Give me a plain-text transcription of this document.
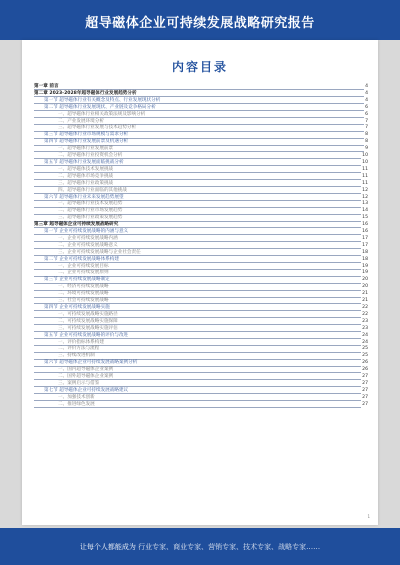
超导磁体企业可持续发展战略研究报告
内容目录
第一章 前言	4
第二章 2023-2028年超导磁体行业发展趋势分析	4
第一节 超导磁体行业有关概念及特点、行业发展现状分析	4
第二节 超导磁体行业发展现状、产业链及竞争格局分析	6
一、超导磁体行业相关政策法规及影响分析	6
二、产业发展环境分析	7
三、超导磁体行业发展与技术趋势分析	7
第三节 超导磁体行业市场规模与需求分析	8
第四节 超导磁体行业发展前景及机遇分析	8
一、超导磁体行业发展前景	9
二、超导磁体行业投资机会分析	10
第五节 超导磁体行业发展面临挑战分析	10
一、超导磁体技术发展挑战	11
二、超导磁体市场竞争挑战	11
三、超导磁体行业政策挑战	11
四、超导磁体行业面临的其他挑战	12
第六节 超导磁体行业未来发展趋势展望	12
一、超导磁体行业技术发展趋势	13
二、超导磁体行业市场发展趋势	14
三、超导磁体行业政策发展趋势	15
第三章 超导磁体企业可持续发展战略研究	16
第一节 企业可持续发展战略的内涵与意义	16
一、企业可持续发展战略内涵	17
二、企业可持续发展战略意义	17
三、企业可持续发展战略与企业社会责任	18
第二节 企业可持续发展战略体系构建	18
一、企业可持续发展目标	19
二、企业可持续发展原则	19
第三节 企业可持续发展战略制定	20
一、经济可持续发展战略	20
二、环境可持续发展战略	21
三、社会可持续发展战略	21
第四节 企业可持续发展战略实施	22
一、可持续发展战略实施路径	22
二、可持续发展战略实施保障	23
三、可持续发展战略实施评估	23
第五节 企业可持续发展战略的评价与改进	24
一、评价指标体系构建	24
二、评价方法与流程	25
三、持续改进机制	25
第六节 超导磁体企业可持续发展战略案例分析	26
一、国内超导磁体企业案例	26
二、国外超导磁体企业案例	27
三、案例启示与借鉴	27
第七节 超导磁体企业可持续发展战略建议	27
一、加强技术创新	27
二、推进绿色发展	27
1
让每个人都能成为 行业专家、商业专家、营销专家、技术专家、战略专家……
